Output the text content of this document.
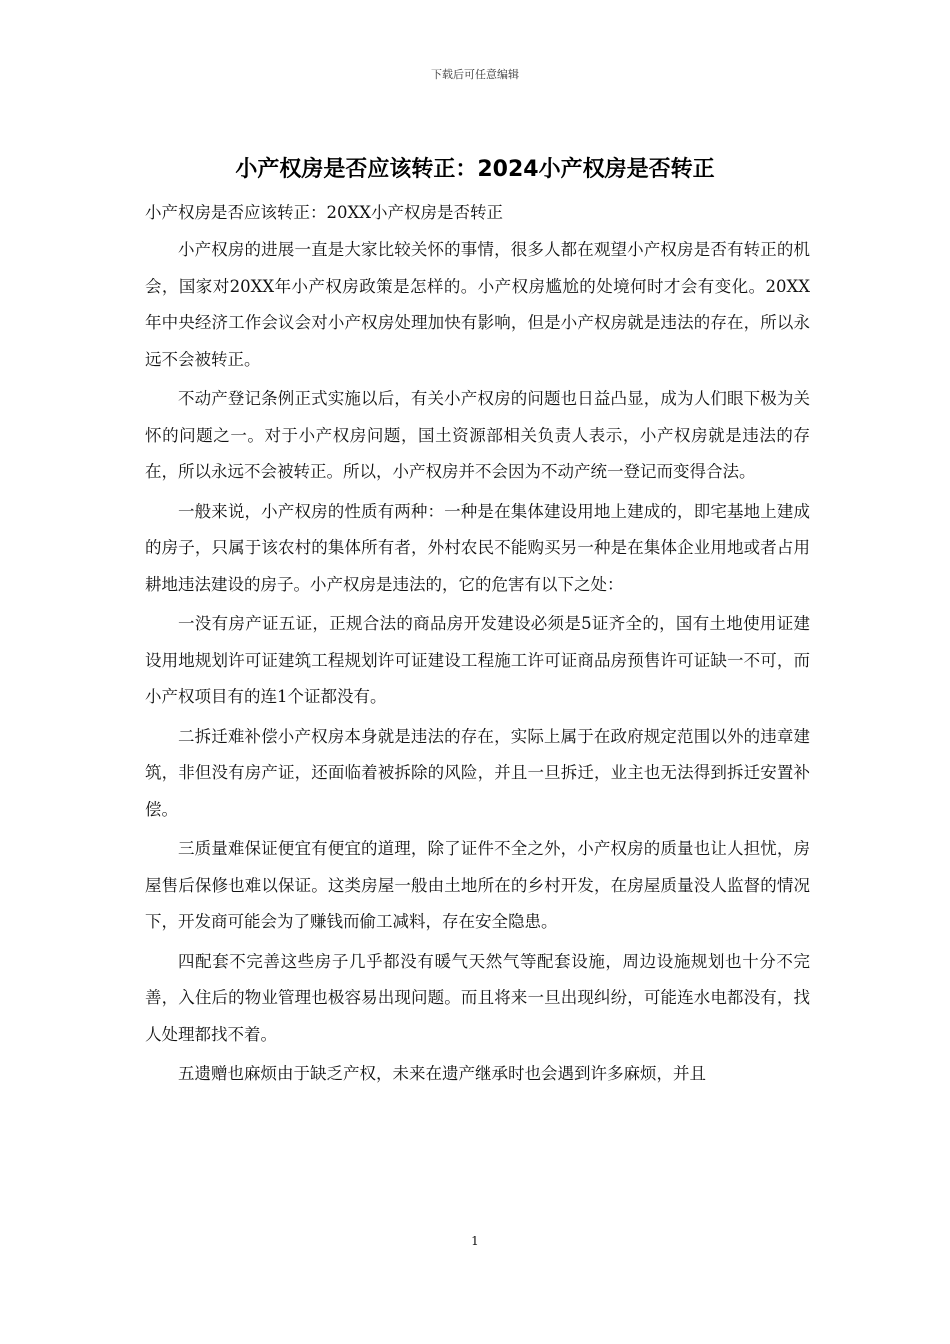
下载后可任意编辑
小产权房是否应该转正：2024小产权房是否转正

小产权房是否应该转正：20XX小产权房是否转正

小产权房的进展一直是大家比较关怀的事情，很多人都在观望小产权房是否有转正的机会，国家对20XX年小产权房政策是怎样的。小产权房尴尬的处境何时才会有变化。20XX年中央经济工作会议会对小产权房处理加快有影响，但是小产权房就是违法的存在，所以永远不会被转正。

不动产登记条例正式实施以后，有关小产权房的问题也日益凸显，成为人们眼下极为关怀的问题之一。对于小产权房问题，国土资源部相关负责人表示，小产权房就是违法的存在，所以永远不会被转正。所以，小产权房并不会因为不动产统一登记而变得合法。

一般来说，小产权房的性质有两种：一种是在集体建设用地上建成的，即宅基地上建成的房子，只属于该农村的集体所有者，外村农民不能购买另一种是在集体企业用地或者占用耕地违法建设的房子。小产权房是违法的，它的危害有以下之处：

一没有房产证五证，正规合法的商品房开发建设必须是5证齐全的，国有土地使用证建设用地规划许可证建筑工程规划许可证建设工程施工许可证商品房预售许可证缺一不可，而小产权项目有的连1个证都没有。

二拆迁难补偿小产权房本身就是违法的存在，实际上属于在政府规定范围以外的违章建筑，非但没有房产证，还面临着被拆除的风险，并且一旦拆迁，业主也无法得到拆迁安置补偿。

三质量难保证便宜有便宜的道理，除了证件不全之外，小产权房的质量也让人担忧，房屋售后保修也难以保证。这类房屋一般由土地所在的乡村开发，在房屋质量没人监督的情况下，开发商可能会为了赚钱而偷工减料，存在安全隐患。

四配套不完善这些房子几乎都没有暖气天然气等配套设施，周边设施规划也十分不完善，入住后的物业管理也极容易出现问题。而且将来一旦出现纠纷，可能连水电都没有，找人处理都找不着。

五遗赠也麻烦由于缺乏产权，未来在遗产继承时也会遇到许多麻烦，并且

1
